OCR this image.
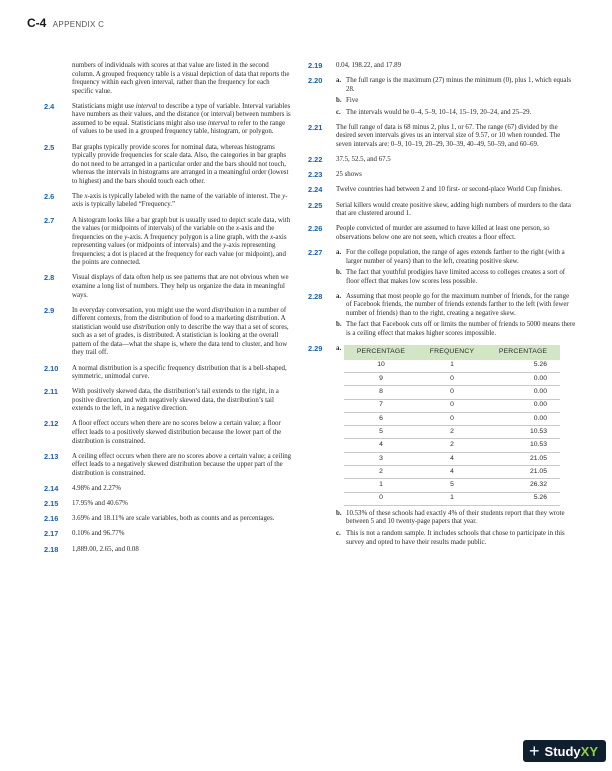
C-4 APPENDIX C

numbers of individuals with scores at that value are listed in the second column. A grouped frequency table is a visual depiction of data that reports the frequency within each given interval, rather than the frequency for each specific value.

2.4	Statisticians might use interval to describe a type of variable. Interval variables have numbers as their values, and the distance (or interval) between numbers is assumed to be equal. Statisticians might also use interval to refer to the range of values to be used in a grouped frequency table, histogram, or polygon.

2.5	Bar graphs typically provide scores for nominal data, whereas histograms typically provide frequencies for scale data. Also, the categories in bar graphs do not need to be arranged in a particular order and the bars should not touch, whereas the intervals in histograms are arranged in a meaningful order (lowest to highest) and the bars should touch each other.

2.6	The x-axis is typically labeled with the name of the variable of interest. The y-axis is typically labeled “Frequency.”

2.7	A histogram looks like a bar graph but is usually used to depict scale data, with the values (or midpoints of intervals) of the variable on the x-axis and the frequencies on the y-axis. A frequency polygon is a line graph, with the x-axis representing values (or midpoints of intervals) and the y-axis representing frequencies; a dot is placed at the frequency for each value (or midpoint), and the points are connected.

2.8	Visual displays of data often help us see patterns that are not obvious when we examine a long list of numbers. They help us organize the data in meaningful ways.

2.9	In everyday conversation, you might use the word distribution in a number of different contexts, from the distribution of food to a marketing distribution. A statistician would use distribution only to describe the way that a set of scores, such as a set of grades, is distributed. A statistician is looking at the overall pattern of the data—what the shape is, where the data tend to cluster, and how they trail off.

2.10 A normal distribution is a specific frequency distribution that is a bell-shaped, symmetric, unimodal curve.

2.11 With positively skewed data, the distribution’s tail extends to the right, in a positive direction, and with negatively skewed data, the distribution’s tail extends to the left, in a negative direction.

2.12 A floor effect occurs when there are no scores below a certain value; a floor effect leads to a positively skewed distribution because the lower part of the distribution is constrained.

2.13 A ceiling effect occurs when there are no scores above a certain value; a ceiling effect leads to a negatively skewed distribution because the upper part of the distribution is constrained.

2.14 4.98% and 2.27%

2.15 17.95% and 40.67%

2.16 3.69% and 18.11% are scale variables, both as counts and as percentages.

2.17 0.10% and 96.77%

2.18 1,889.00, 2.65, and 0.08

2.19 0.04, 198.22, and 17.89

2.20 a. The full range is the maximum (27) minus the minimum (0), plus 1, which equals 28.
b. Five
c. The intervals would be 0–4, 5–9, 10–14, 15–19, 20–24, and 25–29.
2.21 The full range of data is 68 minus 2, plus 1, or 67. The range (67) divided by the desired seven intervals gives us an interval size of 9.57, or 10 when rounded. The seven intervals are: 0–9, 10–19, 20–29, 30–39, 40–49, 50–59, and 60–69.

2.22 37.5, 52.5, and 67.5

2.23 25 shows

2.24 Twelve countries had between 2 and 10 first- or second-place World Cup finishes.

2.25 Serial killers would create positive skew, adding high numbers of murders to the data that are clustered around 1.

2.26 People convicted of murder are assumed to have killed at least one person, so observations below one are not seen, which creates a floor effect.

2.27 a. For the college population, the range of ages extends farther to the right (with a larger number of years) than to the left, creating positive skew.
b. The fact that youthful prodigies have limited access to colleges creates a sort of floor effect that makes low scores less possible.
2.28 a. Assuming that most people go for the maximum number of friends, for the range of Facebook friends, the number of friends extends farther to the left (with fewer number of friends) than to the right, creating a negative skew.
b. The fact that Facebook cuts off or limits the number of friends to 5000 means there is a ceiling effect that makes higher scores impossible.
2.29 a. PERCENTAGE	FREQUENCY	PERCENTAGE
10	1	5.26
9	0	0.00
8	0	0.00
7	0	0.00
6	0	0.00
5	2	10.53
4	2	10.53
3	4	21.05
2	4	21.05
1	5	26.32
0	1	5.26
b. 10.53% of these schools had exactly 4% of their students report that they wrote between 5 and 10 twenty-page papers that year.
c. This is not a random sample. It includes schools that chose to participate in this survey and opted to have their results made public.
+ Study XY
